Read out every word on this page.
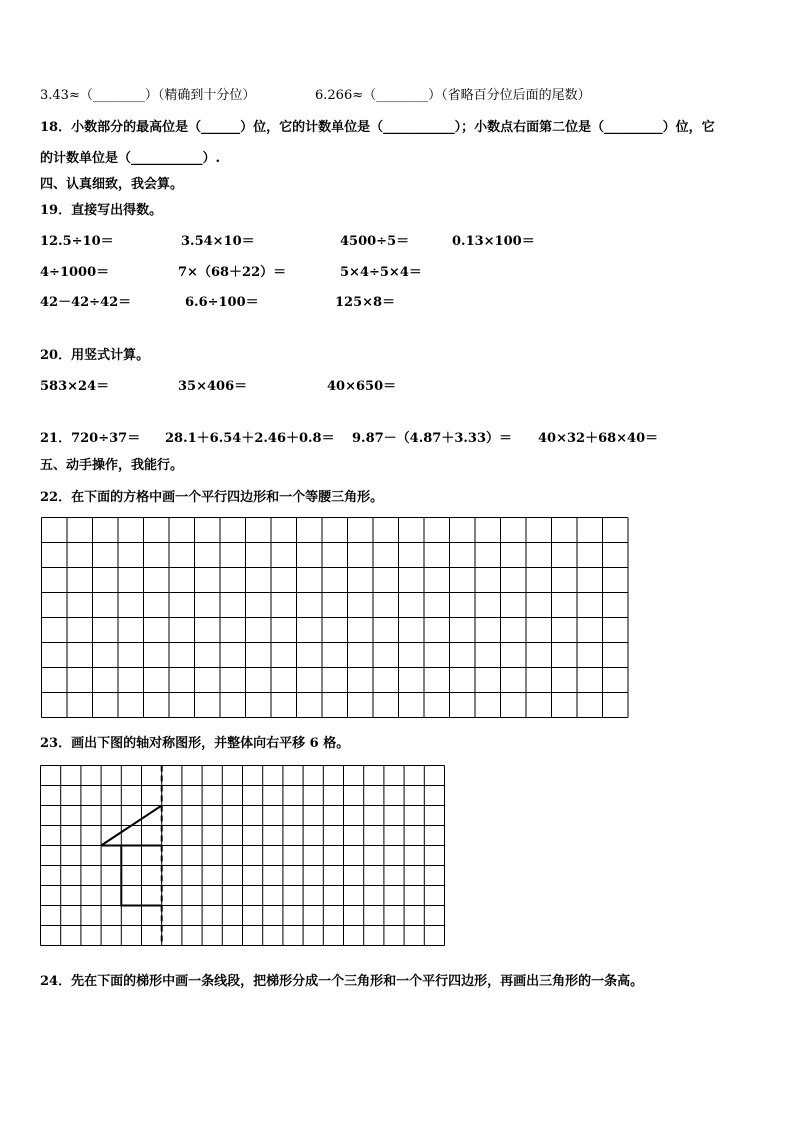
3.43≈（________）（精确到十分位）	6.266≈（________）（省略百分位后面的尾数）
18．小数部分的最高位是（______）位，它的计数单位是（___________）；小数点右面第二位是（_________）位，它
的计数单位是（___________）.
四、认真细致，我会算。
19．直接写出得数。
12.5÷10＝	3.54×10＝	4500÷5＝	0.13×100＝
4÷1000＝	7×（68＋22）＝	5×4÷5×4＝
42－42÷42＝	6.6÷100＝	125×8＝
20．用竖式计算。
583×24＝	35×406＝	40×650＝
21．720÷37＝ 28.1＋6.54＋2.46＋0.8＝ 9.87－（4.87＋3.33）＝ 40×32＋68×40＝
五、动手操作，我能行。
22．在下面的方格中画一个平行四边形和一个等腰三角形。
23．画出下图的轴对称图形，并整体向右平移 6 格。
24．先在下面的梯形中画一条线段，把梯形分成一个三角形和一个平行四边形，再画出三角形的一条高。
